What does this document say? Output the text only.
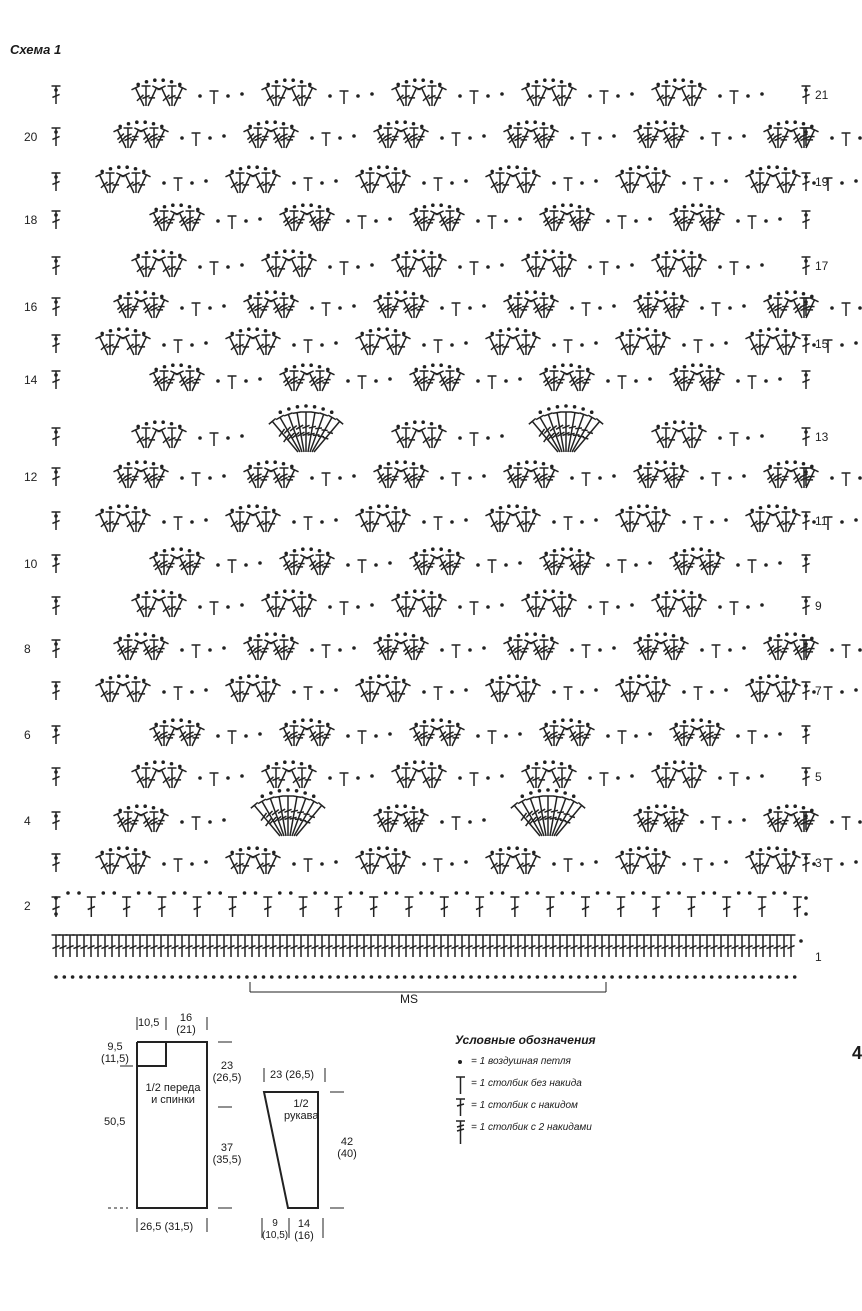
Схема 1
20
18
16
14
12
10
8
6
4
2
21
19
17
15
13
11
9
7
5
3
1
MS
4
Условные обозначения
= 1 воздушная петля
= 1 столбик без накида
= 1 столбик с накидом
= 1 столбик с 2 накидами
10,5	16
(21)
9,5
(11,5)
1/2 переда
и спинки
50,5
23
(26,5)
37
(35,5)
26,5 (31,5)
23 (26,5)
1/2
рукава
42
(40)
9
(10,5)
14
(16)
